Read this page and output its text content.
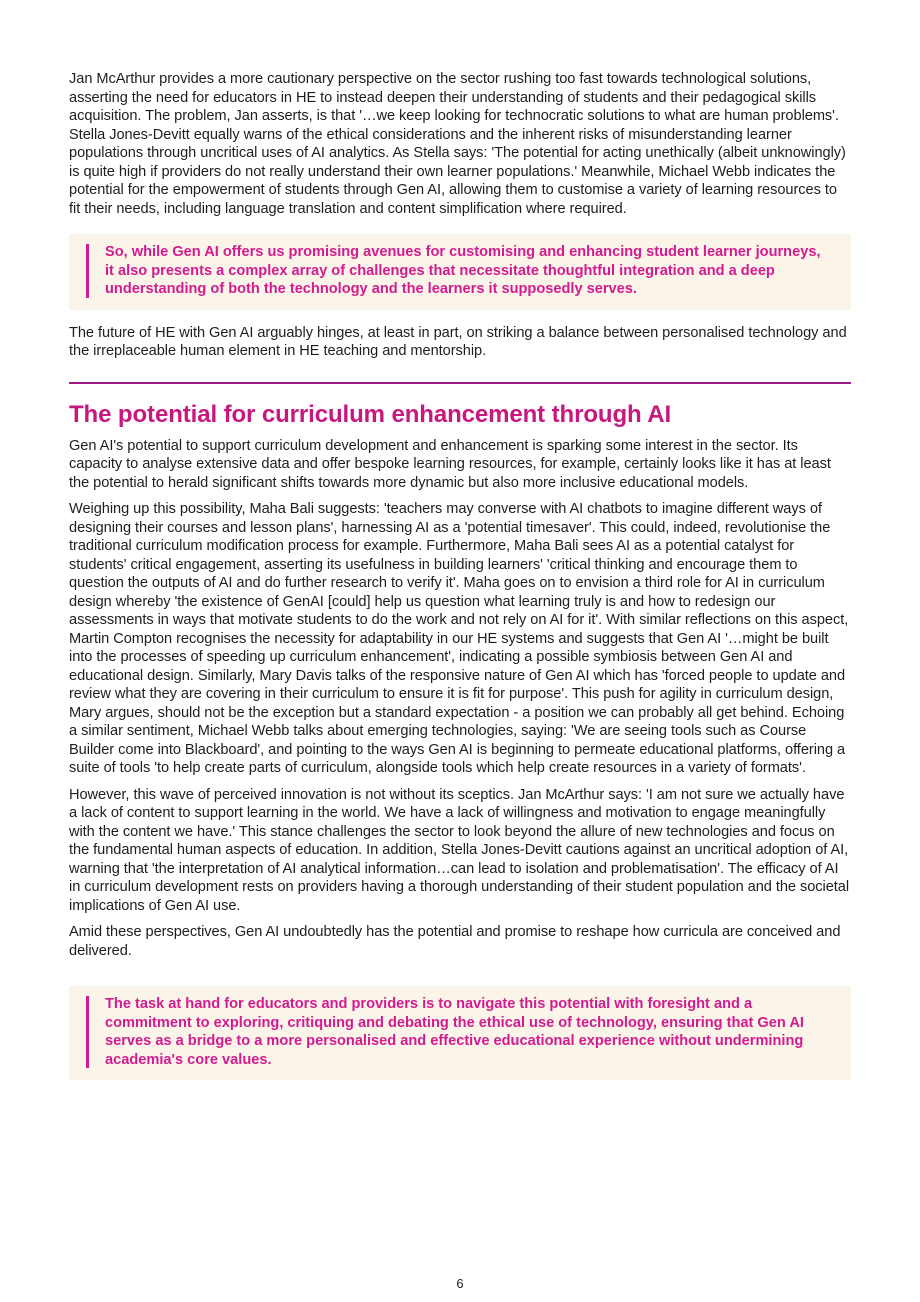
Jan McArthur provides a more cautionary perspective on the sector rushing too fast towards technological solutions, asserting the need for educators in HE to instead deepen their understanding of students and their pedagogical skills acquisition. The problem, Jan asserts, is that '…we keep looking for technocratic solutions to what are human problems'. Stella Jones-Devitt equally warns of the ethical considerations and the inherent risks of misunderstanding learner populations through uncritical uses of AI analytics. As Stella says: 'The potential for acting unethically (albeit unknowingly) is quite high if providers do not really understand their own learner populations.' Meanwhile, Michael Webb indicates the potential for the empowerment of students through Gen AI, allowing them to customise a variety of learning resources to fit their needs, including language translation and content simplification where required.

So, while Gen AI offers us promising avenues for customising and enhancing student learner journeys, it also presents a complex array of challenges that necessitate thoughtful integration and a deep understanding of both the technology and the learners it supposedly serves.

The future of HE with Gen AI arguably hinges, at least in part, on striking a balance between personalised technology and the irreplaceable human element in HE teaching and mentorship.

The potential for curriculum enhancement through AI

Gen AI's potential to support curriculum development and enhancement is sparking some interest in the sector. Its capacity to analyse extensive data and offer bespoke learning resources, for example, certainly looks like it has at least the potential to herald significant shifts towards more dynamic but also more inclusive educational models.

Weighing up this possibility, Maha Bali suggests: 'teachers may converse with AI chatbots to imagine different ways of designing their courses and lesson plans', harnessing AI as a 'potential timesaver'. This could, indeed, revolutionise the traditional curriculum modification process for example. Furthermore, Maha Bali sees AI as a potential catalyst for students' critical engagement, asserting its usefulness in building learners' 'critical thinking and encourage them to question the outputs of AI and do further research to verify it'. Maha goes on to envision a third role for AI in curriculum design whereby 'the existence of GenAI [could] help us question what learning truly is and how to redesign our assessments in ways that motivate students to do the work and not rely on AI for it'. With similar reflections on this aspect, Martin Compton recognises the necessity for adaptability in our HE systems and suggests that Gen AI '…might be built into the processes of speeding up curriculum enhancement', indicating a possible symbiosis between Gen AI and educational design. Similarly, Mary Davis talks of the responsive nature of Gen AI which has 'forced people to update and review what they are covering in their curriculum to ensure it is fit for purpose'. This push for agility in curriculum design, Mary argues, should not be the exception but a standard expectation - a position we can probably all get behind. Echoing a similar sentiment, Michael Webb talks about emerging technologies, saying: 'We are seeing tools such as Course Builder come into Blackboard', and pointing to the ways Gen AI is beginning to permeate educational platforms, offering a suite of tools 'to help create parts of curriculum, alongside tools which help create resources in a variety of formats'.

However, this wave of perceived innovation is not without its sceptics. Jan McArthur says: 'I am not sure we actually have a lack of content to support learning in the world. We have a lack of willingness and motivation to engage meaningfully with the content we have.' This stance challenges the sector to look beyond the allure of new technologies and focus on the fundamental human aspects of education. In addition, Stella Jones-Devitt cautions against an uncritical adoption of AI, warning that 'the interpretation of AI analytical information…can lead to isolation and problematisation'. The efficacy of AI in curriculum development rests on providers having a thorough understanding of their student population and the societal implications of Gen AI use.

Amid these perspectives, Gen AI undoubtedly has the potential and promise to reshape how curricula are conceived and delivered.

The task at hand for educators and providers is to navigate this potential with foresight and a commitment to exploring, critiquing and debating the ethical use of technology, ensuring that Gen AI serves as a bridge to a more personalised and effective educational experience without undermining academia's core values.

6
